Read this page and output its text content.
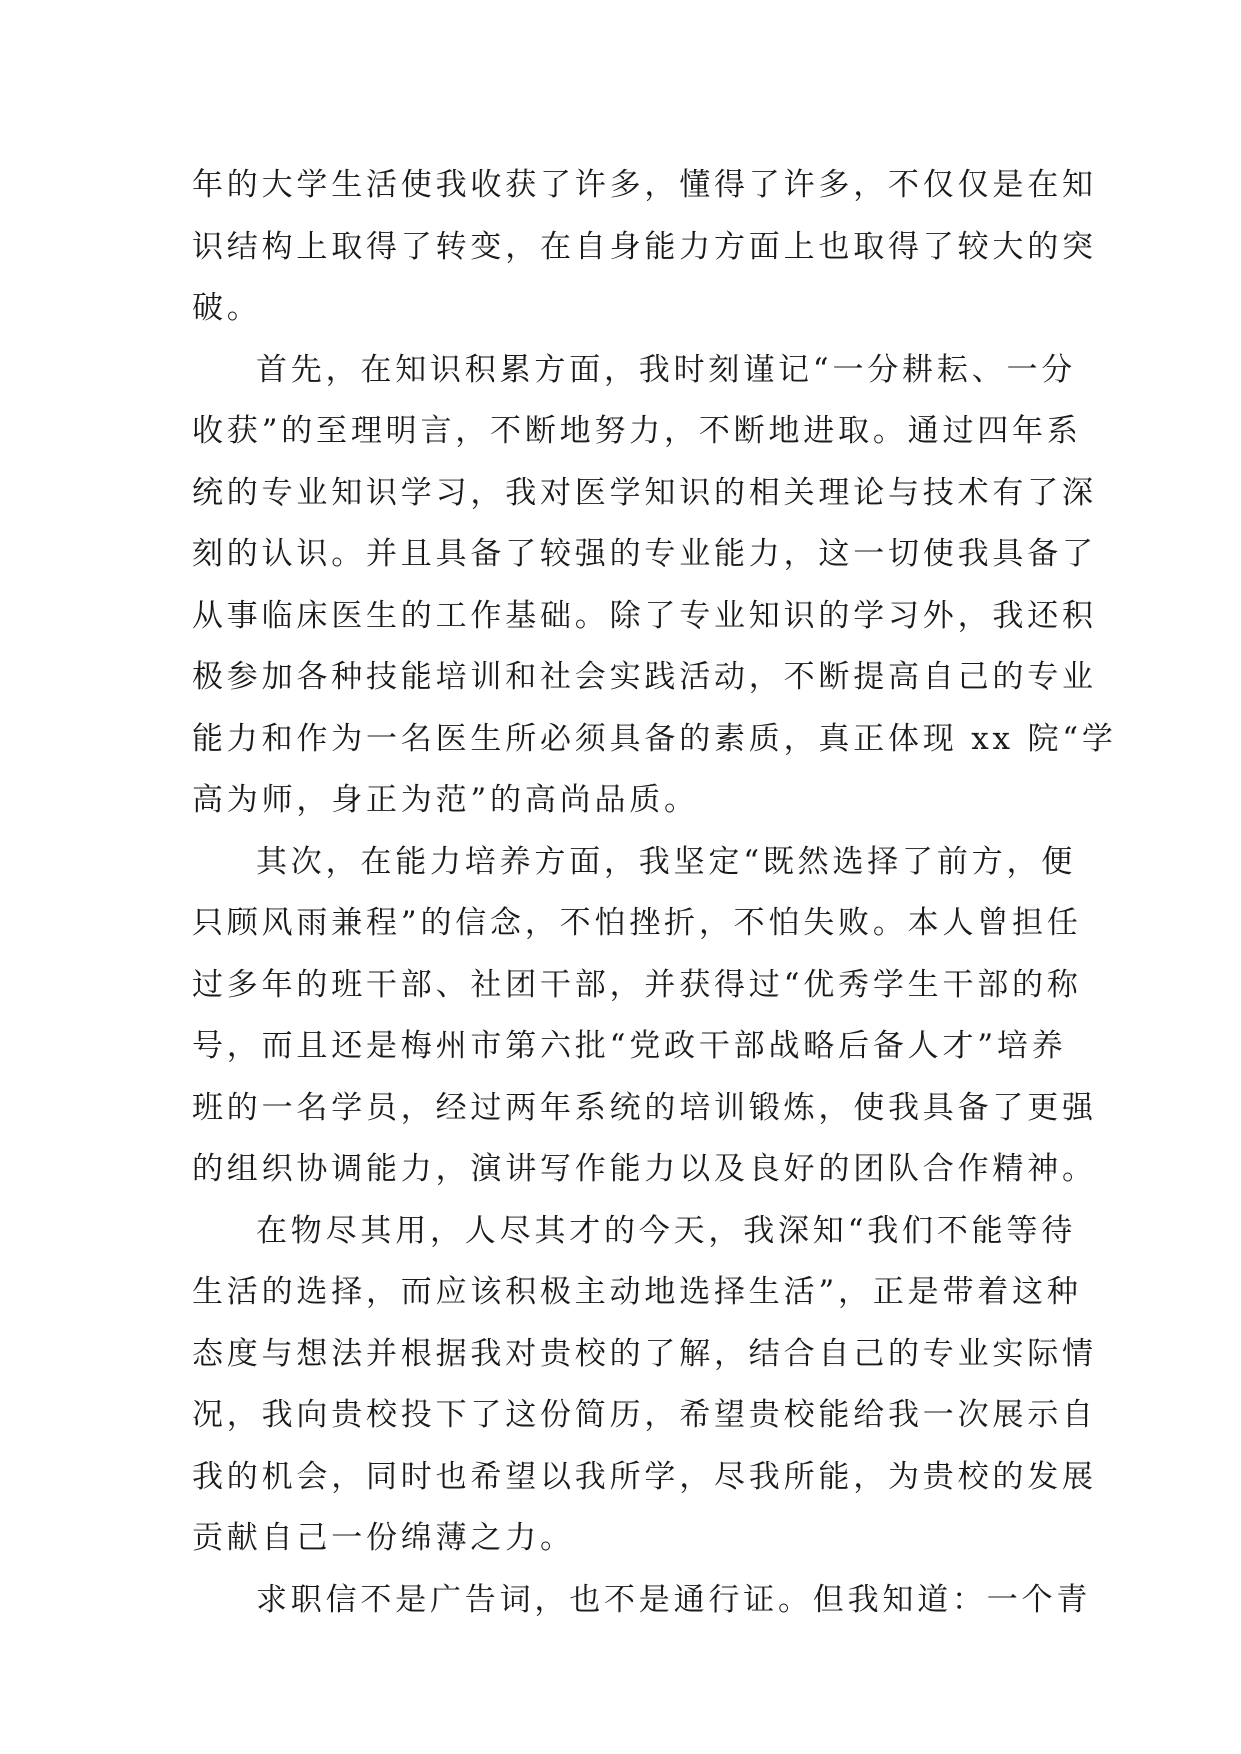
年的大学生活使我收获了许多，懂得了许多，不仅仅是在知
识结构上取得了转变，在自身能力方面上也取得了较大的突
破。
首先，在知识积累方面，我时刻谨记“一分耕耘、一分
收获”的至理明言，不断地努力，不断地进取。通过四年系
统的专业知识学习，我对医学知识的相关理论与技术有了深
刻的认识。并且具备了较强的专业能力，这一切使我具备了
从事临床医生的工作基础。除了专业知识的学习外，我还积
极参加各种技能培训和社会实践活动，不断提高自己的专业
能力和作为一名医生所必须具备的素质，真正体现 xx 院“学
高为师，身正为范”的高尚品质。
其次，在能力培养方面，我坚定“既然选择了前方，便
只顾风雨兼程”的信念，不怕挫折，不怕失败。本人曾担任
过多年的班干部、社团干部，并获得过“优秀学生干部的称
号，而且还是梅州市第六批“党政干部战略后备人才”培养
班的一名学员，经过两年系统的培训锻炼，使我具备了更强
的组织协调能力，演讲写作能力以及良好的团队合作精神。
在物尽其用，人尽其才的今天，我深知“我们不能等待
生活的选择，而应该积极主动地选择生活”，正是带着这种
态度与想法并根据我对贵校的了解，结合自己的专业实际情
况，我向贵校投下了这份简历，希望贵校能给我一次展示自
我的机会，同时也希望以我所学，尽我所能，为贵校的发展
贡献自己一份绵薄之力。
求职信不是广告词，也不是通行证。但我知道：一个青
